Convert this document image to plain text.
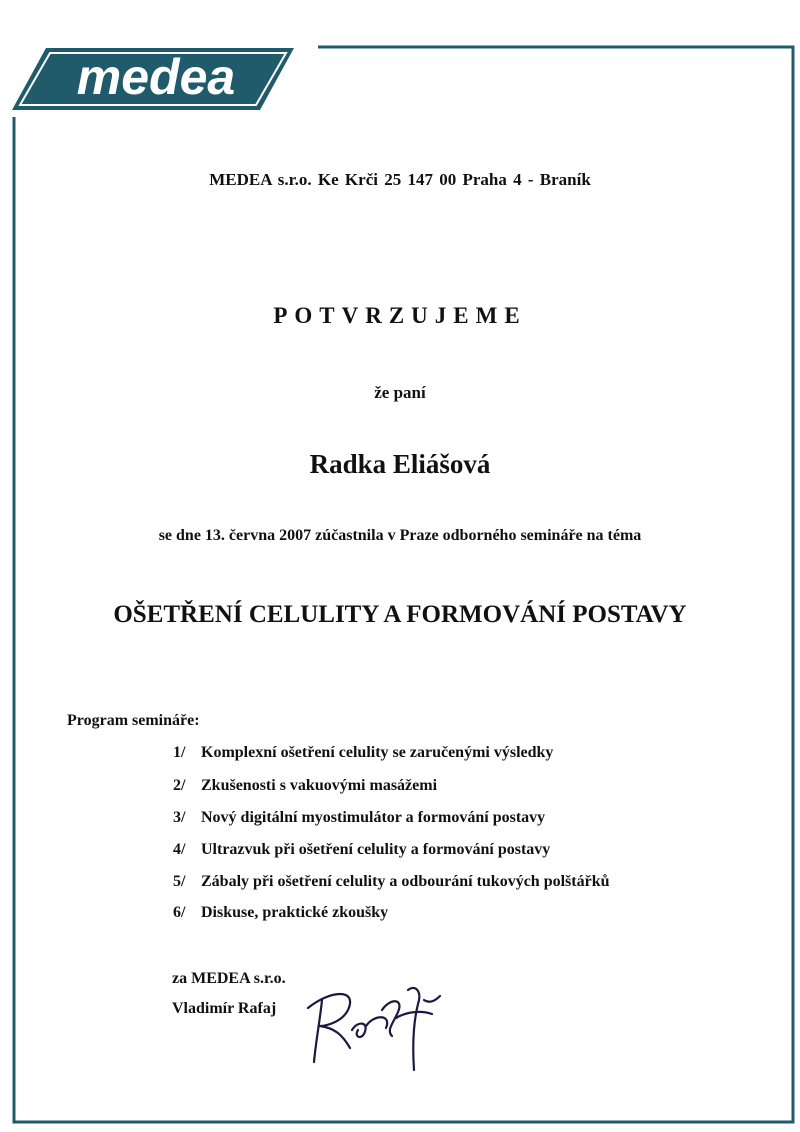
medea

MEDEA s.r.o. Ke Krči 25 147 00 Praha 4 - Braník

POTVRZUJEME

že paní

Radka Eliášová

se dne 13. června 2007 zúčastnila v Praze odborného semináře na téma

OŠETŘENÍ CELULITY A FORMOVÁNÍ POSTAVY

Program semináře:

1/ Komplexní ošetření celulity se zaručenými výsledky

2/ Zkušenosti s vakuovými masážemi

3/ Nový digitální myostimulátor a formování postavy

4/ Ultrazvuk při ošetření celulity a formování postavy

5/ Zábaly při ošetření celulity a odbourání tukových polštářků

6/ Diskuse, praktické zkoušky

za MEDEA s.r.o.

Vladimír Rafaj
